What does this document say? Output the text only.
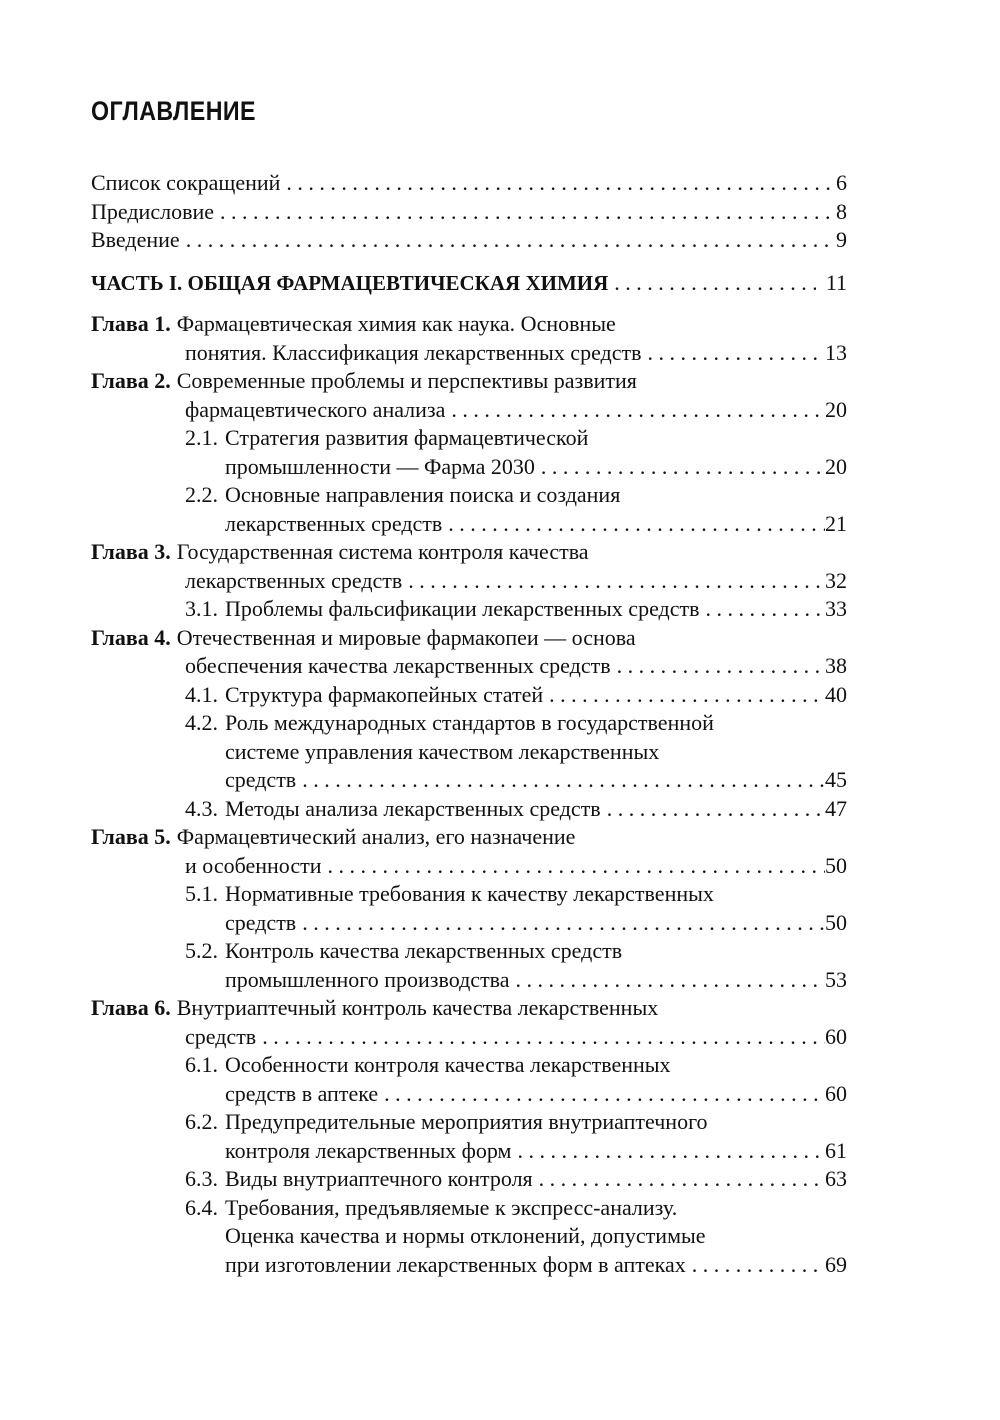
ОГЛАВЛЕНИЕ
Список сокращений . . .	6
Предисловие . . .	8
Введение . . .	9
ЧАСТЬ I. ОБЩАЯ ФАРМАЦЕВТИЧЕСКАЯ ХИМИЯ . . .	11
Глава 1. Фармацевтическая химия как наука. Основные
понятия. Классификация лекарственных средств . . .	13
Глава 2. Современные проблемы и перспективы развития
фармацевтического анализа . . .	20
2.1. Стратегия развития фармацевтической
промышленности — Фарма 2030 . . .	20
2.2. Основные направления поиска и создания
лекарственных средств . . .	21
Глава 3. Государственная система контроля качества
лекарственных средств . . .	32
3.1. Проблемы фальсификации лекарственных средств . . .	33
Глава 4. Отечественная и мировые фармакопеи — основа
обеспечения качества лекарственных средств . . .	38
4.1. Структура фармакопейных статей . . .	40
4.2. Роль международных стандартов в государственной
системе управления качеством лекарственных
средств . . .	45
4.3. Методы анализа лекарственных средств . . .	47
Глава 5. Фармацевтический анализ, его назначение
и особенности . . .	50
5.1. Нормативные требования к качеству лекарственных
средств . . .	50
5.2. Контроль качества лекарственных средств
промышленного производства . . .	53
Глава 6. Внутриаптечный контроль качества лекарственных
средств . . .	60
6.1. Особенности контроля качества лекарственных
средств в аптеке . . .	60
6.2. Предупредительные мероприятия внутриаптечного
контроля лекарственных форм . . .	61
6.3. Виды внутриаптечного контроля . . .	63
6.4. Требования, предъявляемые к экспресс-анализу.
Оценка качества и нормы отклонений, допустимые
при изготовлении лекарственных форм в аптеках . . .	69
